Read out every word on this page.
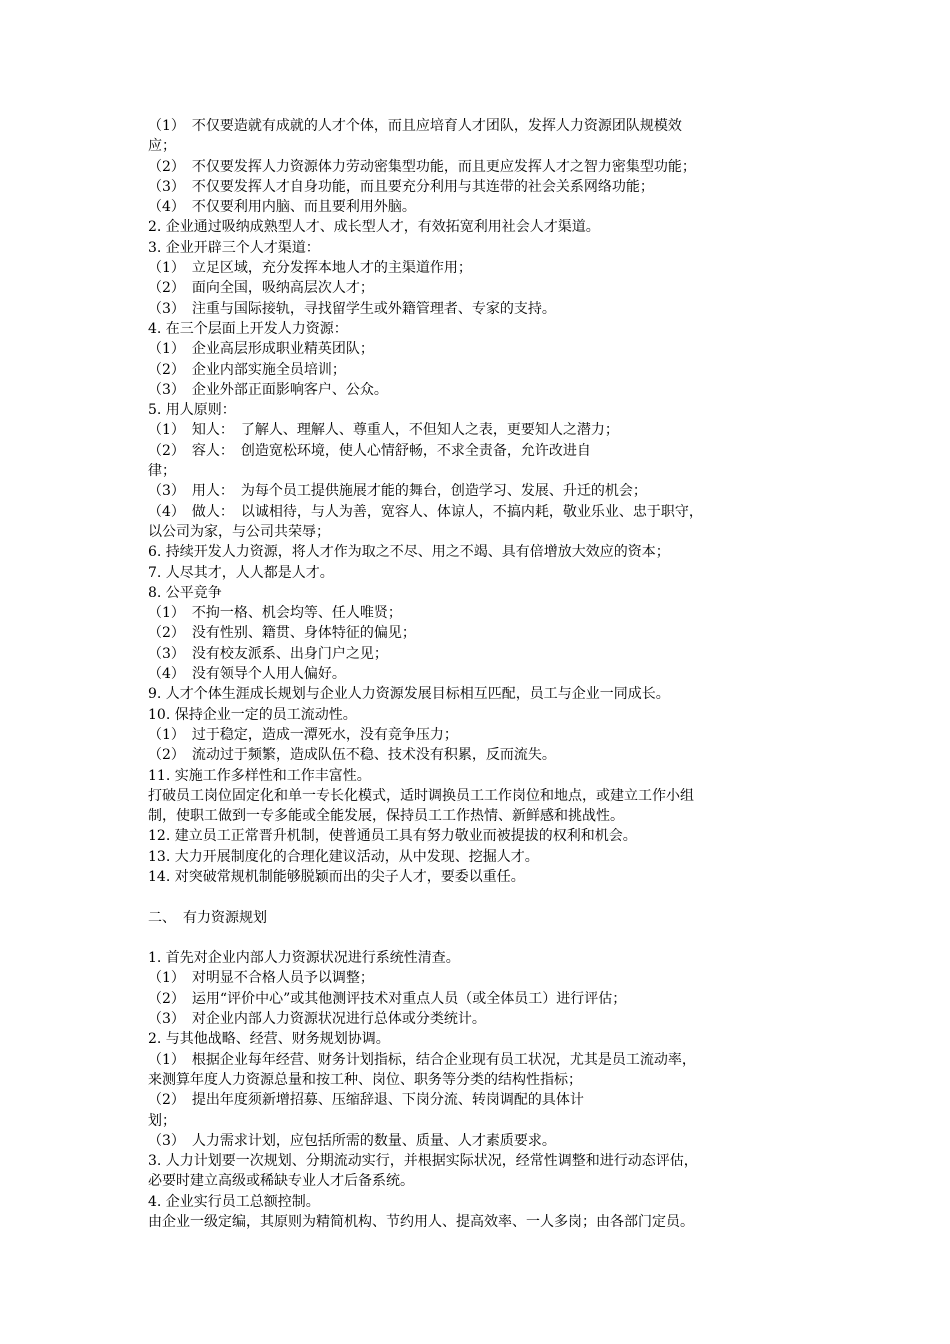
（1）　不仅要造就有成就的人才个体，而且应培育人才团队，发挥人力资源团队规模效
应；
（2）　不仅要发挥人力资源体力劳动密集型功能，而且更应发挥人才之智力密集型功能；
（3）　不仅要发挥人才自身功能，而且要充分利用与其连带的社会关系网络功能；
（4）　不仅要利用内脑、而且要利用外脑。
2. 企业通过吸纳成熟型人才、成长型人才，有效拓宽利用社会人才渠道。
3. 企业开辟三个人才渠道：
（1）　立足区域，充分发挥本地人才的主渠道作用；
（2）　面向全国，吸纳高层次人才；
（3）　注重与国际接轨，寻找留学生或外籍管理者、专家的支持。
4. 在三个层面上开发人力资源：
（1）　企业高层形成职业精英团队；
（2）　企业内部实施全员培训；
（3）　企业外部正面影响客户、公众。
5. 用人原则：
（1）　知人：　了解人、理解人、尊重人，不但知人之表，更要知人之潜力；
（2）　容人：　创造宽松环境，使人心情舒畅，不求全责备，允许改进自
律；
（3）　用人：　为每个员工提供施展才能的舞台，创造学习、发展、升迁的机会；
（4）　做人：　以诚相待，与人为善，宽容人、体谅人，不搞内耗，敬业乐业、忠于职守，
以公司为家，与公司共荣辱；
6. 持续开发人力资源，将人才作为取之不尽、用之不竭、具有倍增放大效应的资本；
7. 人尽其才，人人都是人才。
8. 公平竞争
（1）　不拘一格、机会均等、任人唯贤；
（2）　没有性别、籍贯、身体特征的偏见；
（3）　没有校友派系、出身门户之见；
（4）　没有领导个人用人偏好。
9. 人才个体生涯成长规划与企业人力资源发展目标相互匹配，员工与企业一同成长。
10. 保持企业一定的员工流动性。
（1）　过于稳定，造成一潭死水，没有竞争压力；
（2）　流动过于频繁，造成队伍不稳、技术没有积累，反而流失。
11. 实施工作多样性和工作丰富性。
打破员工岗位固定化和单一专长化模式，适时调换员工工作岗位和地点，或建立工作小组
制，使职工做到一专多能或全能发展，保持员工工作热情、新鲜感和挑战性。
12. 建立员工正常晋升机制，使普通员工具有努力敬业而被提拔的权利和机会。
13. 大力开展制度化的合理化建议活动，从中发现、挖掘人才。
14. 对突破常规机制能够脱颖而出的尖子人才，要委以重任。
二、　有力资源规划
1. 首先对企业内部人力资源状况进行系统性清查。
（1）　对明显不合格人员予以调整；
（2）　运用“评价中心”或其他测评技术对重点人员（或全体员工）进行评估；
（3）　对企业内部人力资源状况进行总体或分类统计。
2. 与其他战略、经营、财务规划协调。
（1）　根据企业每年经营、财务计划指标，结合企业现有员工状况，尤其是员工流动率，
来测算年度人力资源总量和按工种、岗位、职务等分类的结构性指标；
（2）　提出年度须新增招募、压缩辞退、下岗分流、转岗调配的具体计
划；
（3）　人力需求计划，应包括所需的数量、质量、人才素质要求。
3. 人力计划要一次规划、分期流动实行，并根据实际状况，经常性调整和进行动态评估，
必要时建立高级或稀缺专业人才后备系统。
4. 企业实行员工总额控制。
由企业一级定编，其原则为精简机构、节约用人、提高效率、一人多岗；由各部门定员。
